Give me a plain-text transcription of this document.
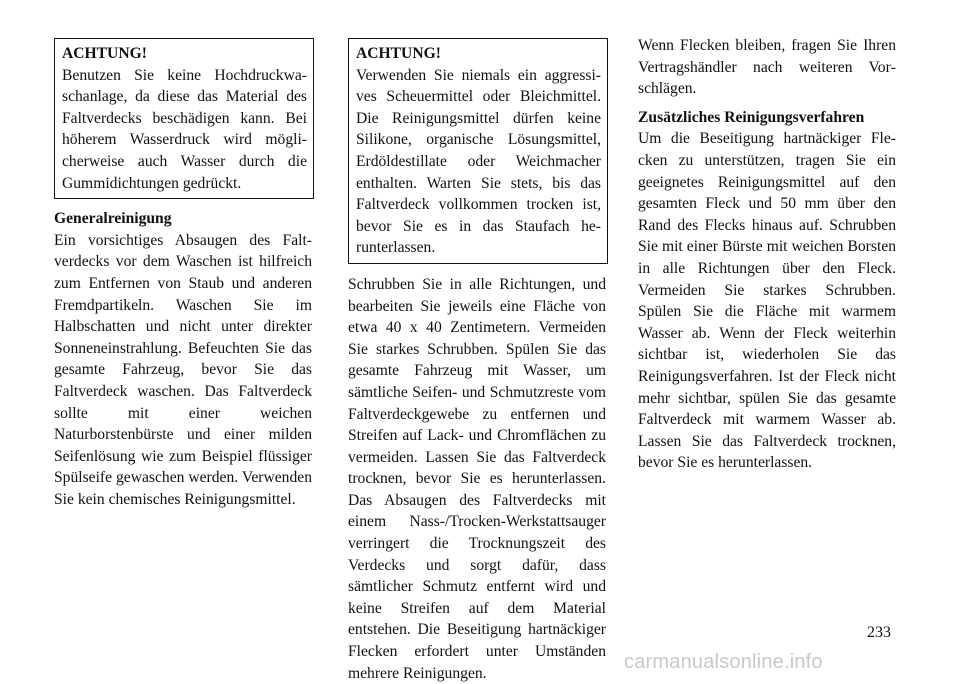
ACHTUNG!
Benutzen Sie keine Hochdruckwaschanlage, da diese das Material des Faltverdecks beschädigen kann. Bei höherem Wasserdruck wird möglicherweise auch Wasser durch die Gummidichtungen gedrückt.
Generalreinigung

Ein vorsichtiges Absaugen des Faltverdecks vor dem Waschen ist hilfreich zum Entfernen von Staub und anderen Fremdpartikeln. Waschen Sie im Halbschatten und nicht unter direkter Sonneneinstrahlung. Befeuchten Sie das gesamte Fahrzeug, bevor Sie das Faltverdeck waschen. Das Faltverdeck sollte mit einer weichen Naturborstenbürste und einer milden Seifenlösung wie zum Beispiel flüssiger Spülseife gewaschen werden. Verwenden Sie kein chemisches Reinigungsmittel.

ACHTUNG!
Verwenden Sie niemals ein aggressives Scheuermittel oder Bleichmittel. Die Reinigungsmittel dürfen keine Silikone, organische Lösungsmittel, Erdöldestillate oder Weichmacher enthalten. Warten Sie stets, bis das Faltverdeck vollkommen trocken ist, bevor Sie es in das Staufach herunterlassen.

Schrubben Sie in alle Richtungen, und bearbeiten Sie jeweils eine Fläche von etwa 40 x 40 Zentimetern. Vermeiden Sie starkes Schrubben. Spülen Sie das gesamte Fahrzeug mit Wasser, um sämtliche Seifen- und Schmutzreste vom Faltverdeckgewebe zu entfernen und Streifen auf Lack- und Chromflächen zu vermeiden. Lassen Sie das Faltverdeck trocknen, bevor Sie es herunterlassen. Das Absaugen des Faltverdecks mit einem Nass-/Trocken-Werkstattsauger verringert die Trocknungszeit des Verdecks und sorgt dafür, dass sämtlicher Schmutz entfernt wird und keine Streifen auf dem Material entstehen. Die Beseitigung hartnäckiger Flecken erfordert unter Umständen mehrere Reinigungen.

Wenn Flecken bleiben, fragen Sie Ihren Vertragshändler nach weiteren Vorschlägen.

Zusätzliches Reinigungsverfahren

Um die Beseitigung hartnäckiger Flecken zu unterstützen, tragen Sie ein geeignetes Reinigungsmittel auf den gesamten Fleck und 50 mm über den Rand des Flecks hinaus auf. Schrubben Sie mit einer Bürste mit weichen Borsten in alle Richtungen über den Fleck. Vermeiden Sie starkes Schrubben. Spülen Sie die Fläche mit warmem Wasser ab. Wenn der Fleck weiterhin sichtbar ist, wiederholen Sie das Reinigungsverfahren. Ist der Fleck nicht mehr sichtbar, spülen Sie das gesamte Faltverdeck mit warmem Wasser ab. Lassen Sie das Faltverdeck trocknen, bevor Sie es herunterlassen.

233
carmanualsonline.info
